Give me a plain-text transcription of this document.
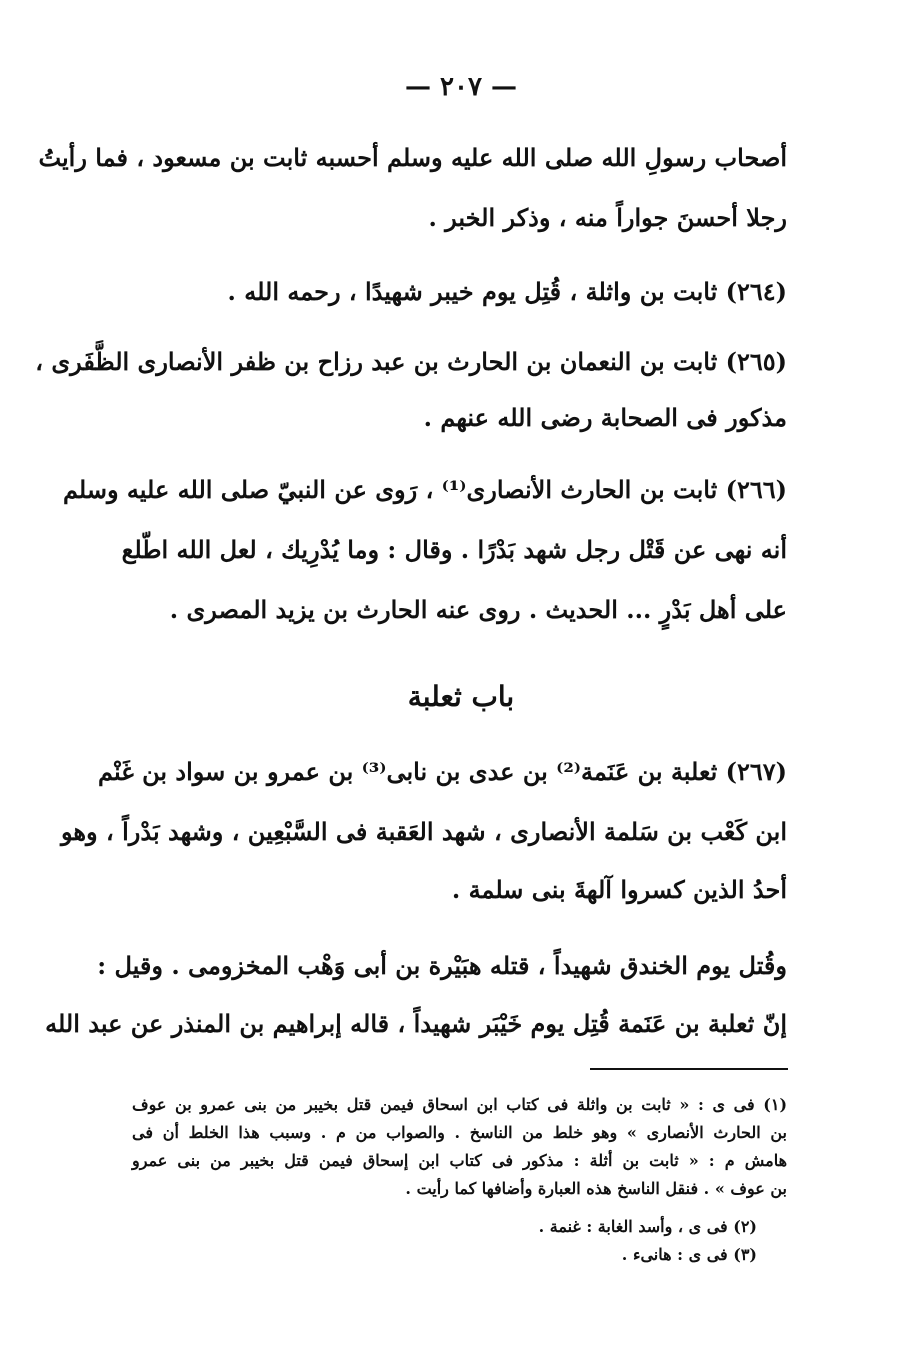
— ٢٠٧ —
أصحاب رسولِ الله صلى الله عليه وسلم أحسبه ثابت بن مسعود ، فما رأيتُ
رجلا أحسنَ جواراً منه ، وذكر الخبر .
(٢٦٤) ثابت بن واثلة ، قُتِل يوم خيبر شهيدًا ، رحمه الله .
(٢٦٥) ثابت بن النعمان بن الحارث بن عبد رزاح بن ظفر الأنصارى الظَّفَرى ،
مذكور فى الصحابة رضى الله عنهم .
(٢٦٦) ثابت بن الحارث الأنصارى⁽¹⁾ ، رَوى عن النبيّ صلى الله عليه وسلم
أنه نهى عن قَتْل رجل شهد بَدْرًا . وقال : وما يُدْرِيك ، لعل الله اطّلع
على أهل بَدْرٍ ... الحديث . روى عنه الحارث بن يزيد المصرى .
باب ثعلبة
(٢٦٧) ثعلبة بن عَنَمة⁽²⁾ بن عدى بن نابى⁽³⁾ بن عمرو بن سواد بن غَنْم
ابن كَعْب بن سَلمة الأنصارى ، شهد العَقبة فى السَّبْعِين ، وشهد بَدْراً ، وهو
أحدُ الذين كسروا آلهةَ بنى سلمة .
وقُتل يوم الخندق شهيداً ، قتله هبَيْرة بن أبى وَهْب المخزومى . وقيل :
إنّ ثعلبة بن عَنَمة قُتِل يوم خَيْبَر شهيداً ، قاله إبراهيم بن المنذر عن عبد الله
(١) فى ى : « ثابت بن واثلة فى كتاب ابن اسحاق فيمن قتل بخيبر من بنى عمرو بن عوف
بن الحارث الأنصارى » وهو خلط من الناسخ . والصواب من م . وسبب هذا الخلط أن فى
هامش م : « ثابت بن أثلة : مذكور فى كتاب ابن إسحاق فيمن قتل بخيبر من بنى عمرو
بن عوف » . فنقل الناسخ هذه العبارة وأضافها كما رأيت .
(٢) فى ى ، وأسد الغابة : غنمة .
(٣) فى ى : هانىء .
